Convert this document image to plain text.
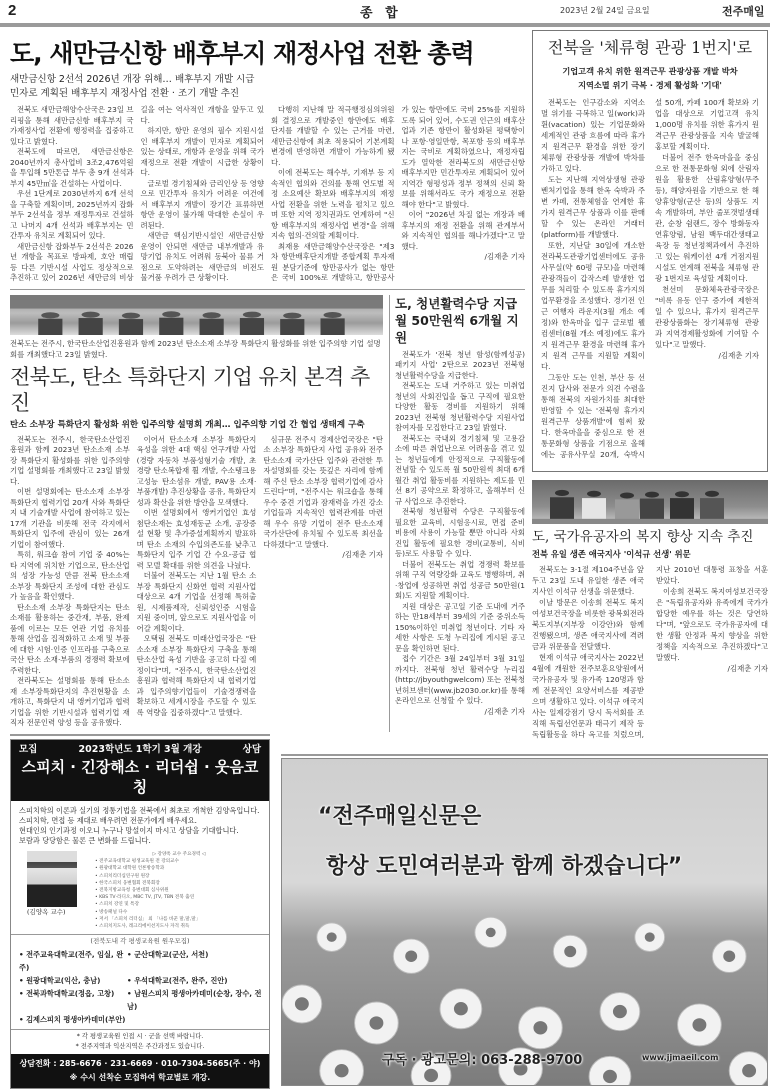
2	종 합	2023년 2월 24일 금요일	전주매일
도, 새만금신항 배후부지 재정사업 전환 총력
새만금신항 2선석 2026년 개장 위해… 배후부지 개발 시급
민자로 계획된 배후부지 재정사업 전환 · 조기 개발 추진

전북도 새만금해양수산국은 23일 브리핑을 통해 새만금신항 배후부지 국가재정사업 전환에 행정력을 집중하고 있다고 밝혔다.

전북도에 따르면, 새만금신항은 2040년까지 총사업비 3조2,476억원을 투입해 5만톤급 부두 총 9개 선석과 부지 45만㎡을 건설하는 사업이다.

우선 1단계로 2030년까지 6개 선석을 구축할 계획이며, 2025년까지 잡화부두 2선석을 정부 재정투자로 건설하고 나머지 4개 선석과 배후부지는 민간투자 유치로 계획되어 있다.

새만금신항 잡화부두 2선석은 2026년 개항을 목표로 방파제, 호안 매립 등 다른 기반시설 사업도 정상적으로 추진하고 있어 2026년 새만금의 비상길을 여는 역사적인 개항을 앞두고 있다.

하지만, 항만 운영의 필수 지원시설인 배후부지 개발이 민자로 계획되어 있는 상태로, 개항과 운영을 위해 국가재정으로 전환 개발이 시급한 상황이다.

글로벌 경기침체와 금리인상 등 영향으로 민간투자 유치가 어려운 여건에서 배후부지 개발이 장기간 표류하면 항만 운영이 불가해 막대한 손실이 우려된다.

새만금 핵심기반시설인 새만금신항 운영이 안되면 새만금 내부개발과 유망기업 유치도 어려워 동북아 물류 거점으로 도약하려는 새만금의 비전도 물거품 우려가 큰 상황이다.

다행히 지난해 말 적극행정심의위원회 결정으로 개발중인 항만에도 배후단지를 개발할 수 있는 근거를 마련, 새만금신항에 최초 적용되어 기본계획 변경에 반영하면 개발이 가능하게 됐다.

이에 전북도는 해수부, 기재부 등 지속적인 협의와 건의를 통해 연도별 적정 소요예산 확보와 배후부지의 재정사업 전환을 위한 노력을 펼치고 있으며 또한 지역 정치권과도 연계하여 "신항 배후부지의 재정사업 변경"을 위해 지속 협의·건의할 계획이다.

최재용 새만금해양수산국장은 "제3차 항만배후단지개발 종합계획 투자재원 분담기준에 항만공사가 없는 항만은 국비 100%로 개발하고, 항만공사가 있는 항만에도 국비 25%를 지원하도록 되어 있어, 수도권 인근의 배후산업과 기존 항만이 활성화된 평택항이나 포항·영일만항, 목포항 등의 배후부지는 국비로 계획하였으나, 재정자립도가 열악한 전라북도의 새만금신항 배후부지만 민간투자로 계획되어 있어 지역간 형평성과 정부 정책의 신뢰 확보를 위해서라도 국가 재정으로 전환해야 한다"고 밝혔다.

이어 "2026년 차질 없는 개장과 배후부지의 재정 전환을 위해 관계부서와 지속적인 협의를 해나가겠다"고 말했다.

/김재춘 기자

전북도는 전주시, 한국탄소산업진흥원과 함께 2023년 탄소소재 소부장 특화단지 활성화를 위한 입주의향 기업 설명회를 개최했다고 23일 밝혔다.
전북도, 탄소 특화단지 기업 유치 본격 추진
탄소 소부장 특화단지 활성화 위한 입주의향 설명회 개최… 입주의향 기업 간 협업 생태계 구축

전북도는 전주시, 한국탄소산업진흥원과 함께 2023년 탄소소재 소부장 특화단지 활성화를 위한 입주의향 기업 설명회를 개최했다고 23일 밝혔다.

이번 설명회에는 탄소소재 소부장 특화단지 협력기업 20개 사와 특화단지 내 기술개발 사업에 참여하고 있는 17개 기관을 비롯해 전국 각지에서 특화단지 입주에 관심이 있는 26개 기업이 참여했다.

특히, 워크숍 참여 기업 중 40%는 타 지역에 위치한 기업으로, 탄소산업의 성장 가능성 만큼 전북 탄소소재 소부장 특화단지 조성에 대한 관심도가 높음을 확인했다.

탄소소재 소부장 특화단지는 탄소소재를 활용하는 중간재, 부품, 완제품에 이르는 모든 연관 기업 유치를 통해 산업을 집적화하고 소재 및 부품에 대한 시험·인증 인프라를 구축으로 국산 탄소 소재·부품의 경쟁력 확보에 주력한다.

전라북도는 설명회를 통해 탄소소재 소부장특화단지의 추진현황을 소개하고, 특화단지 내 앵커기업과 협력기업을 위한 기반시설과 협력기업 재직자 전문인력 양성 등을 공유했다.

이어서 탄소소재 소부장 특화단지 육성을 위한 4대 핵심 연구개발 사업(경량 자동차 부품성형기술 개발, 초경량 탄소복합재 휠 개발, 수소탱크용 고성능 탄소섬유 개발, PAV용 소재·부품개발) 추진상황을 공유, 특화단지 성과 확산을 위한 방안을 모색했다.

이번 설명회에서 앵커기업인 효성첨단소재는 효성재동군 소개, 공장증설 현황 및 추가증설계획까지 발표하며 탄소 소재의 수입의존도를 낮추고 특화단지 입주 기업 간 수요-공급 협력 모델 확대를 위한 의견을 나눴다.

더불어 전북도는 지난 1월 탄소 소부장 특화단지 신화연 협력 지원사업 대상으로 4개 기업을 선정해 특허출원, 시제품제작, 신뢰성인증 시험을 지원 중이며, 앞으로도 지원사업을 이어갈 계획이다.

오택림 전북도 미래산업국장은 "탄소소재 소부장 특화단지 구축을 통해 탄소산업 육성 기반을 공고히 다질 예정이다"며, "전주시, 한국탄소산업진흥원과 협력해 특화단지 내 협력기업과 입주의향기업들이 기술경쟁력을 확보하고 세계시장을 주도할 수 있도록 역량을 집중하겠다"고 말했다.

심규문 전주시 경제산업국장은 "탄소 소부장 특화단지 사업 공유와 전주 탄소소재 국가산단 입주와 관련한 투자설명회를 갖는 뜻깊은 자리에 함께해 주신 탄소 소부장 협력기업에 감사드린다"며, "전주시는 워크숍을 통해 우수 중견 기업과 잠재력을 가진 강소기업들과 지속적인 협력관계를 마련해 우수 유망 기업이 전주 탄소소재 국가산단에 유치될 수 있도록 최선을 다하겠다"고 말했다.

/김재춘 기자

도, 청년활력수당 지급
월 50만원씩 6개월 지원

전북도가 '전북 청년 함성(함께성공) 패키지 사업' 2탄으로 2023년 전북형 청년활력수당을 지급한다.

전북도는 도내 거주하고 있는 미취업 청년의 사회진입을 돕고 구직에 필요한 다양한 활동 경비를 지원하기 위해 2023년 전북형 청년활력수당 지원사업 참여자를 모집한다고 23일 밝혔다.

전북도는 국내외 경기침체 및 고용감소에 따른 취업난으로 어려움을 겪고 있는 청년들에게 안정적으로 구직활동에 전념할 수 있도록 월 50만원씩 최대 6개월간 취업 활동비를 지원하는 제도를 민선 8기 공약으로 확정하고, 올해부터 신규 사업으로 추진한다.

전북형 청년활력 수당은 구직활동에 필요한 교육비, 시험응시료, 면접 준비 비용에 사용이 가능할 뿐만 아니라 사회진입 활동에 필요한 경비(교통비, 식비 등)로도 사용할 수 있다.

더불어 전북도는 취업 경쟁력 확보를 위해 구직 역량강화 교육도 병행하며, 취·창업에 성공하면 취업 성공금 50만원(1회)도 지원할 계획이다.

지원 대상은 공고일 기준 도내에 거주하는 만18세부터 39세의 기준 중위소득 150%이하인 미취업 청년이다. 기타 자세한 사항은 도청 누리집에 게시된 공고문을 확인하면 된다.

접수 기간은 3월 24일부터 3월 31일까지다. 전북형 청년 활력수당 누리집(http://jbyouthgwelcom) 또는 전북청년허브센터(www.jb2030.or.kr)를 통해 온라인으로 신청할 수 있다.

/김재춘 기자

전북을 '체류형 관광 1번지'로
기업고객 유치 위한 원격근무 관광상품 개발 박차
지역소멸 위기 극복 · 경제 활성화 '기대'

전북도는 인구감소와 지역소멸 위기를 극복하고 일(work)과 휜(vacation) 있는 기업문화와 세계적인 관광 흐름에 따라 휴가지 원격근무 환경을 위한 장기 체류형 관광상품 개발에 박차를 가하고 있다.

도는 지난해 지역상생형 관광벤처기업을 통해 한옥 숙박과 주변 카페, 전통체험을 연계한 휴가지 원격근무 상품과 이를 판매할 수 있는 온라인 거래터(platform)를 개발했다.

또한, 지난달 30일에 개소한 전라북도관광기업센터에도 공유사무실(약 60평 규모)을 마련해 관광객들이 갑작스레 발생한 업무를 처리할 수 있도록 휴가지의 업무환경을 조성했다. 경기전 인근 여행자 라운지(3월 개소 예정)와 한옥마을 입구 글로벌 웰컴센터(8월 개소 예정)에도 휴가지 원격근무 환경을 마련해 휴가지 원격 근무를 지원할 계획이다.

그동안 도는 인천, 부산 등 선진지 답사와 전문가 의견 수렴을 통해 전북의 자원가치를 최대한 반영할 수 있는 '전북형 휴가지 원격근무 상품개발'에 힘써 왔다. 한옥마을을 중심으로 한 전통문화형 상품을 기점으로 올해에는 공유사무실 20개, 숙박시설 50개, 카페 100개 확보와 기업을 대상으로 기업고객 유치 1,000명 유치를 위한 휴가지 원격근무 관광상품을 지속 발굴해 홍보할 계획이다.

더불어 전주 한옥마을을 중심으로 한 전통문화형 외에 산림자원을 활용한 산림휴양형(무주 등), 해양자원을 기반으로 한 해양휴양형(군산 등)의 상품도 지속 개발하며, 부안 줄포갯벌생태관, 순창 쉼랜드, 장수 방화동자연휴양림, 남원 백두대간생태교육장 등 청년정책과에서 추진하고 있는 워케이션 4개 거점지원시설도 연계해 전북을 체류형 관광 1번지로 육성할 계획이다.

천선미 문화체육관광국장은 "비록 유동 인구 증가에 제한적일 수 있으나, 휴가지 원격근무 관광상품화는 장기체류형 관광과 지역경제활성화에 기여할 수 있다"고 말했다.

/김재춘 기자

도, 국가유공자의 복지 향상 지속 추진
전북 유일 생존 애국지사 '이석규 선생' 위문

전북도는 3·1절 제104주년을 앞두고 23일 도내 유일한 생존 애국지사인 이석규 선생을 위문했다.

이날 방문은 이송희 전북도 복지여성보건국장을 비롯한 광복회전라북도지부(지부장 이강안)와 함께 진행됐으며, 생존 애국지사에 격려금과 위문품을 전달했다.

현재 이석규 애국지사는 2022년 4월에 개원한 전주보훈요양원에서 국가유공자 및 유가족 120명과 함께 전문적인 요양서비스를 제공받으며 생활하고 있다. 이석규 애국지사는 일제강점기 당시 독서회를 조직해 독립선언문과 태극기 제작 등 독립활동을 하다 옥고를 치렀으며, 지난 2010년 대통령 표창을 서훈 받았다.

이송희 전북도 복지여성보건국장은 "독립유공자와 유족에게 국가가 합당한 예우를 하는 것은 당연하다"며, "앞으로도 국가유공자에 대한 생활 안정과 복지 향상을 위한 정책을 지속적으로 추진하겠다"고 말했다.

/김재춘 기자

모집	2023학년도 1학기 3월 개강	상담
스피치 · 긴장해소 · 리더쉽 · 웃음코칭

스피치학의 이론과 실기의 정통기법을 전북에서 최초로 개척한 김양옥입니다.

스피치학, 면접 등 제대로 배우려면 전문가에게 배우세요.

현대인의 인기과정 이오니 누구나 망설이지 마시고 상담을 기대합니다.

보람과 당당함은 물론 큰 변화를 드립니다.

(김양옥 교수)
▷ 강양옥 교수 주요경력 ◁
• 전주교육대학교 평생교육원 전 강의교수
• 원광대학교 대학원 언론방송학과
• 스피치리더십연구원 원장
• 한국스피치 웅변협회 전북회장
• 전북지방교육청 웅변대회 심사위원
• KBS TV·라디오, MBC TV, JTV, TBN 전북 출연
• 스피치 강연 및 특강
• 방송패널 다수
• 저서 「스피치 리더십」 외 「나를 바꾼 말,말,말」
• 스피치지도사, 레크리에이션지도사 자격 취득
(전북도내 각 평생교육원 원우모집)
• 전주교육대학교(전주, 임실, 완주)
• 군산대학교(군산, 서천)
• 원광대학교(익산, 충남)	• 우석대학교(전주, 완주, 진안)
• 전북과학대학교(정읍, 고창)	• 남원스피치 평생아카데미(순창, 장수, 전남)
• 김제스피치 평생아카데미(부안)
* 각 평생교육원 인접 시 · 군을 선택 바랍니다.
* 전주지역과 익산지역은 주간과정도 있습니다.
상담전화 : 285-6676 · 231-6669 · 010-7304-5665(주 · 야)
※ 수시 선착순 모집하여 학교별로 개강.
“전주매일신문은
항상 도민여러분과 함께 하겠습니다”
구독 · 광고문의: 063-288-9700	www.jjmaeil.com
